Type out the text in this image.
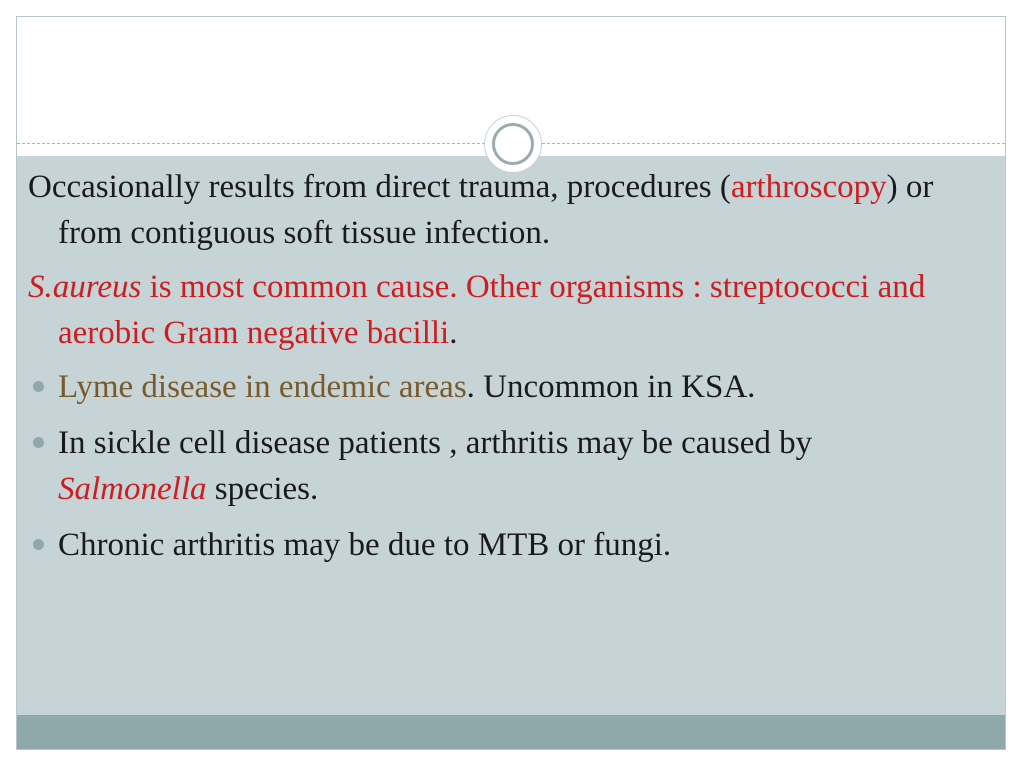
Occasionally results from direct trauma, procedures (arthroscopy) or from contiguous soft tissue infection.

S.aureus is most common cause. Other organisms : streptococci and aerobic Gram negative bacilli.

Lyme disease in endemic areas. Uncommon in KSA.
In sickle cell disease patients , arthritis may be caused by Salmonella species.
Chronic arthritis may be due to MTB or fungi.
